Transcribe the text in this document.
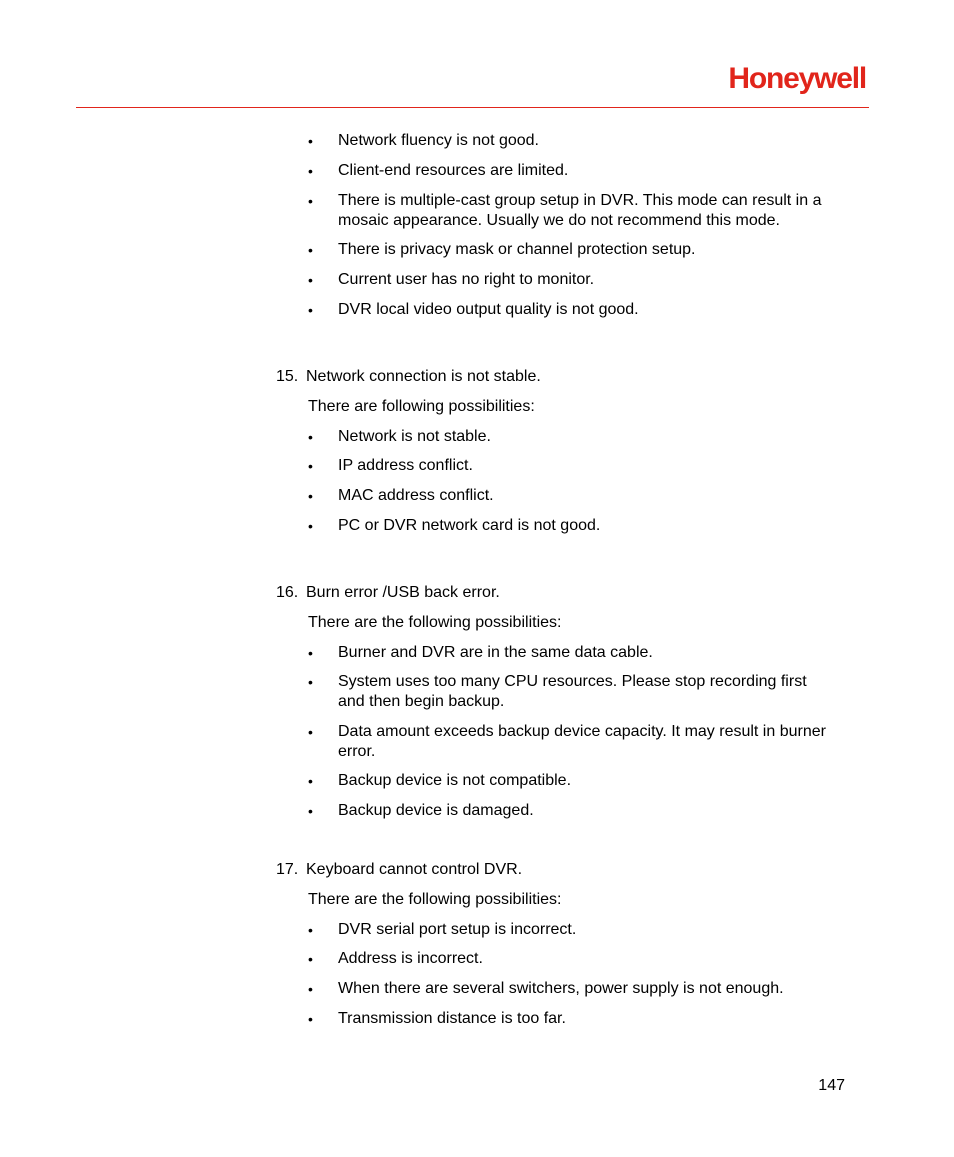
Honeywell
•	Network fluency is not good.
•	Client-end resources are limited.
•	There is multiple-cast group setup in DVR. This mode can result in a mosaic appearance. Usually we do not recommend this mode.
•	There is privacy mask or channel protection setup.
•	Current user has no right to monitor.
•	DVR local video output quality is not good.
15. Network connection is not stable.
There are following possibilities:
•	Network is not stable.
•	IP address conflict.
•	MAC address conflict.
•	PC or DVR network card is not good.
16. Burn error /USB back error.
There are the following possibilities:
•	Burner and DVR are in the same data cable.
•	System uses too many CPU resources. Please stop recording first and then begin backup.
•	Data amount exceeds backup device capacity. It may result in burner error.
•	Backup device is not compatible.
•	Backup device is damaged.
17. Keyboard cannot control DVR.
There are the following possibilities:
•	DVR serial port setup is incorrect.
•	Address is incorrect.
•	When there are several switchers, power supply is not enough.
•	Transmission distance is too far.
147
